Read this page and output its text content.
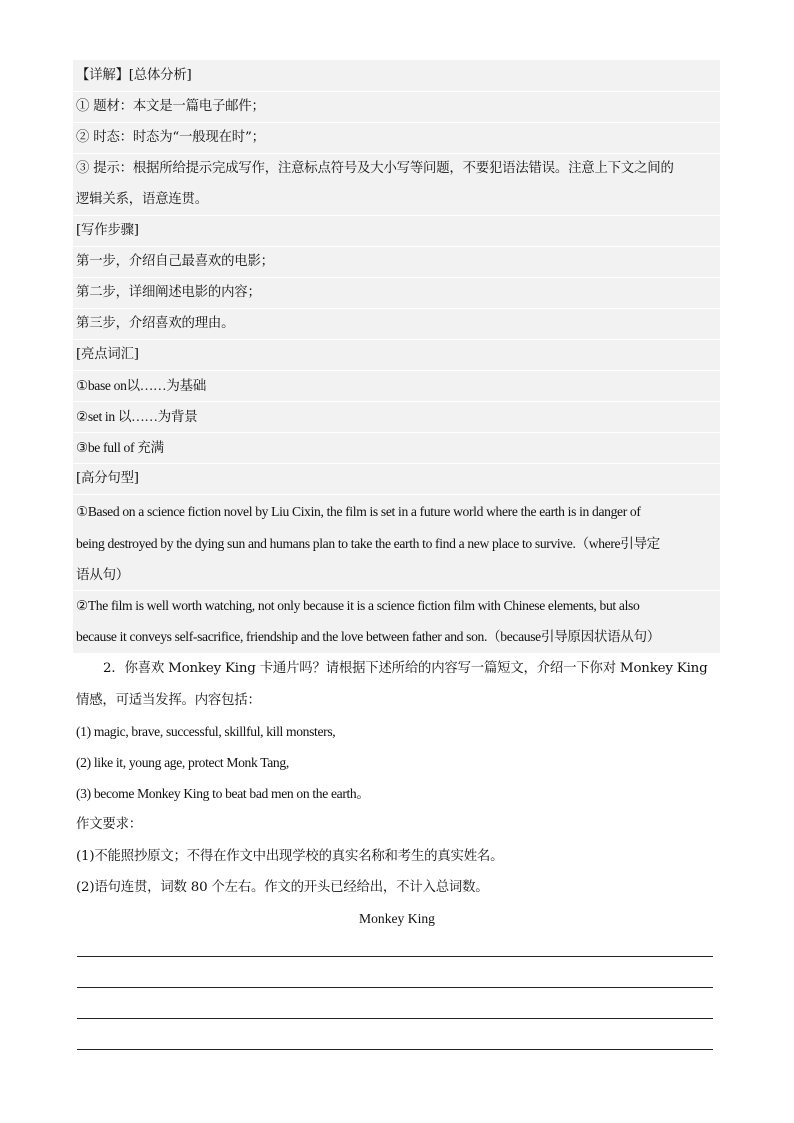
【详解】[总体分析]
① 题材：本文是一篇电子邮件；
② 时态：时态为“一般现在时”；
③ 提示：根据所给提示完成写作，注意标点符号及大小写等问题，不要犯语法错误。注意上下文之间的
逻辑关系，语意连贯。
[写作步骤]
第一步，介绍自己最喜欢的电影；
第二步，详细阐述电影的内容；
第三步，介绍喜欢的理由。
[亮点词汇]
①base on以……为基础
②set in 以……为背景
③be full of 充满
[高分句型]
①Based on a science fiction novel by Liu Cixin, the film is set in a future world where the earth is in danger of
being destroyed by the dying sun and humans plan to take the earth to find a new place to survive.（where引导定
语从句）
②The film is well worth watching, not only because it is a science fiction film with Chinese elements, but also
because it conveys self-sacrifice, friendship and the love between father and son.（because引导原因状语从句）
2．你喜欢 Monkey King 卡通片吗？请根据下述所给的内容写一篇短文，介绍一下你对 Monkey King
情感，可适当发挥。内容包括：
(1) magic, brave, successful, skillful, kill monsters,
(2) like it, young age, protect Monk Tang,
(3) become Monkey King to beat bad men on the earth。
作文要求：
(1)不能照抄原文；不得在作文中出现学校的真实名称和考生的真实姓名。
(2)语句连贯，词数 80 个左右。作文的开头已经给出，不计入总词数。
Monkey King
